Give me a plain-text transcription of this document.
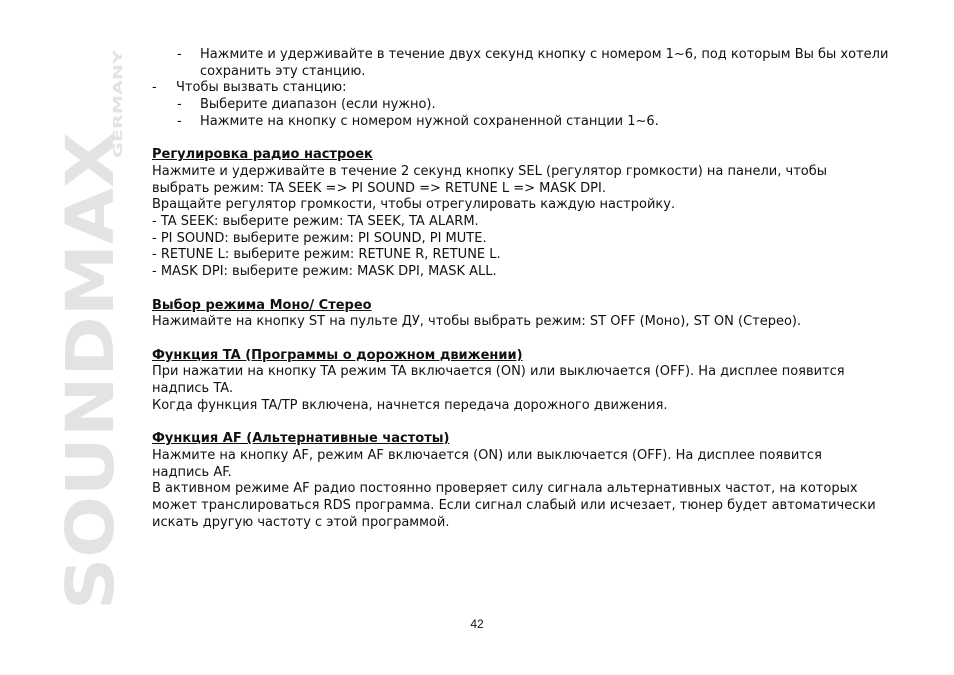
SOUNDMAX
GERMANY
- Нажмите и удерживайте в течение двух секунд кнопку с номером 1~6, под которым Вы бы хотели
сохранить эту станцию.
- Чтобы вызвать станцию:
- Выберите диапазон (если нужно).
- Нажмите на кнопку с номером нужной сохраненной станции 1~6.
Регулировка радио настроек
Нажмите и удерживайте в течение 2 секунд кнопку SEL (регулятор громкости) на панели, чтобы
выбрать режим: TA SEEK => PI SOUND => RETUNE L => MASK DPI.
Вращайте регулятор громкости, чтобы отрегулировать каждую настройку.
- TA SEEK: выберите режим: TA SEEK, TA ALARM.
- PI SOUND: выберите режим: PI SOUND, PI MUTE.
- RETUNE L: выберите режим: RETUNE R, RETUNE L.
- MASK DPI: выберите режим: MASK DPI, MASK ALL.
Выбор режима Моно/ Стерео
Нажимайте на кнопку ST на пульте ДУ, чтобы выбрать режим: ST OFF (Моно), ST ON (Стерео).
Функция TA (Программы о дорожном движении)
При нажатии на кнопку TA режим TA включается (ON) или выключается (OFF). На дисплее появится
надпись TA.
Когда функция TA/TP включена, начнется передача дорожного движения.
Функция AF (Альтернативные частоты)
Нажмите на кнопку AF, режим AF включается (ON) или выключается (OFF). На дисплее появится
надпись AF.
В активном режиме AF радио постоянно проверяет силу сигнала альтернативных частот, на которых
может транслироваться RDS программа. Если сигнал слабый или исчезает, тюнер будет автоматически
искать другую частоту с этой программой.
42
